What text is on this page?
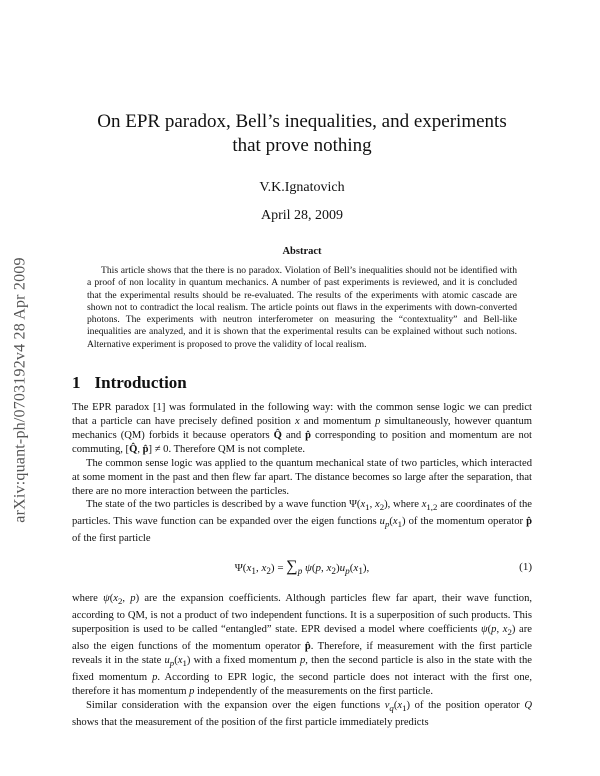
arXiv:quant-ph/0703192v4 28 Apr 2009
On EPR paradox, Bell’s inequalities, and experiments
that prove nothing
V.K.Ignatovich
April 28, 2009
Abstract
This article shows that the there is no paradox. Violation of Bell’s inequalities should not be identified with a proof of non locality in quantum mechanics. A number of past experiments is reviewed, and it is concluded that the experimental results should be re-evaluated. The results of the experiments with atomic cascade are shown not to contradict the local realism. The article points out flaws in the experiments with down-converted photons. The experiments with neutron interferometer on measuring the “contextuality” and Bell-like inequalities are analyzed, and it is shown that the experimental results can be explained without such notions. Alternative experiment is proposed to prove the validity of local realism.
1 Introduction

The EPR paradox [1] was formulated in the following way: with the common sense logic we can predict that a particle can have precisely defined position x and momentum p simultaneously, however quantum mechanics (QM) forbids it because operators Q̂ and p̂ corresponding to position and momentum are not commuting, [Q̂, p̂] ≠ 0. Therefore QM is not complete.

The common sense logic was applied to the quantum mechanical state of two particles, which interacted at some moment in the past and then flew far apart. The distance becomes so large after the separation, that there are no more interaction between the particles.

The state of the two particles is described by a wave function $\Psi(x_1$, $x_2$), where $x_{1,2}$ are coordinates of the particles. This wave function can be expanded over the eigen functions $u_p(x_1)$ of the momentum operator p̂ of the first particle

$\Psi(x_1$, $x_2) = \sum_p$ ψ(p, $x_2)u_p(x_1)$,	(1)

where $\psi(x_2$, p) are the expansion coefficients. Although particles flew far apart, their wave function, according to QM, is not a product of two independent functions. It is a superposition of such products. This superposition is used to be called “entangled” state. EPR devised a model where coefficients ψ(p, $x_2$) are also the eigen functions of the momentum operator p̂. Therefore, if measurement with the first particle reveals it in the state $u_p(x_1)$ with a fixed momentum p, then the second particle is also in the state with the fixed momentum p. According to EPR logic, the second particle does not interact with the first one, therefore it has momentum p independently of the measurements on the first particle.

Similar consideration with the expansion over the eigen functions $v_q(x_1)$ of the position operator Q shows that the measurement of the position of the first particle immediately predicts
